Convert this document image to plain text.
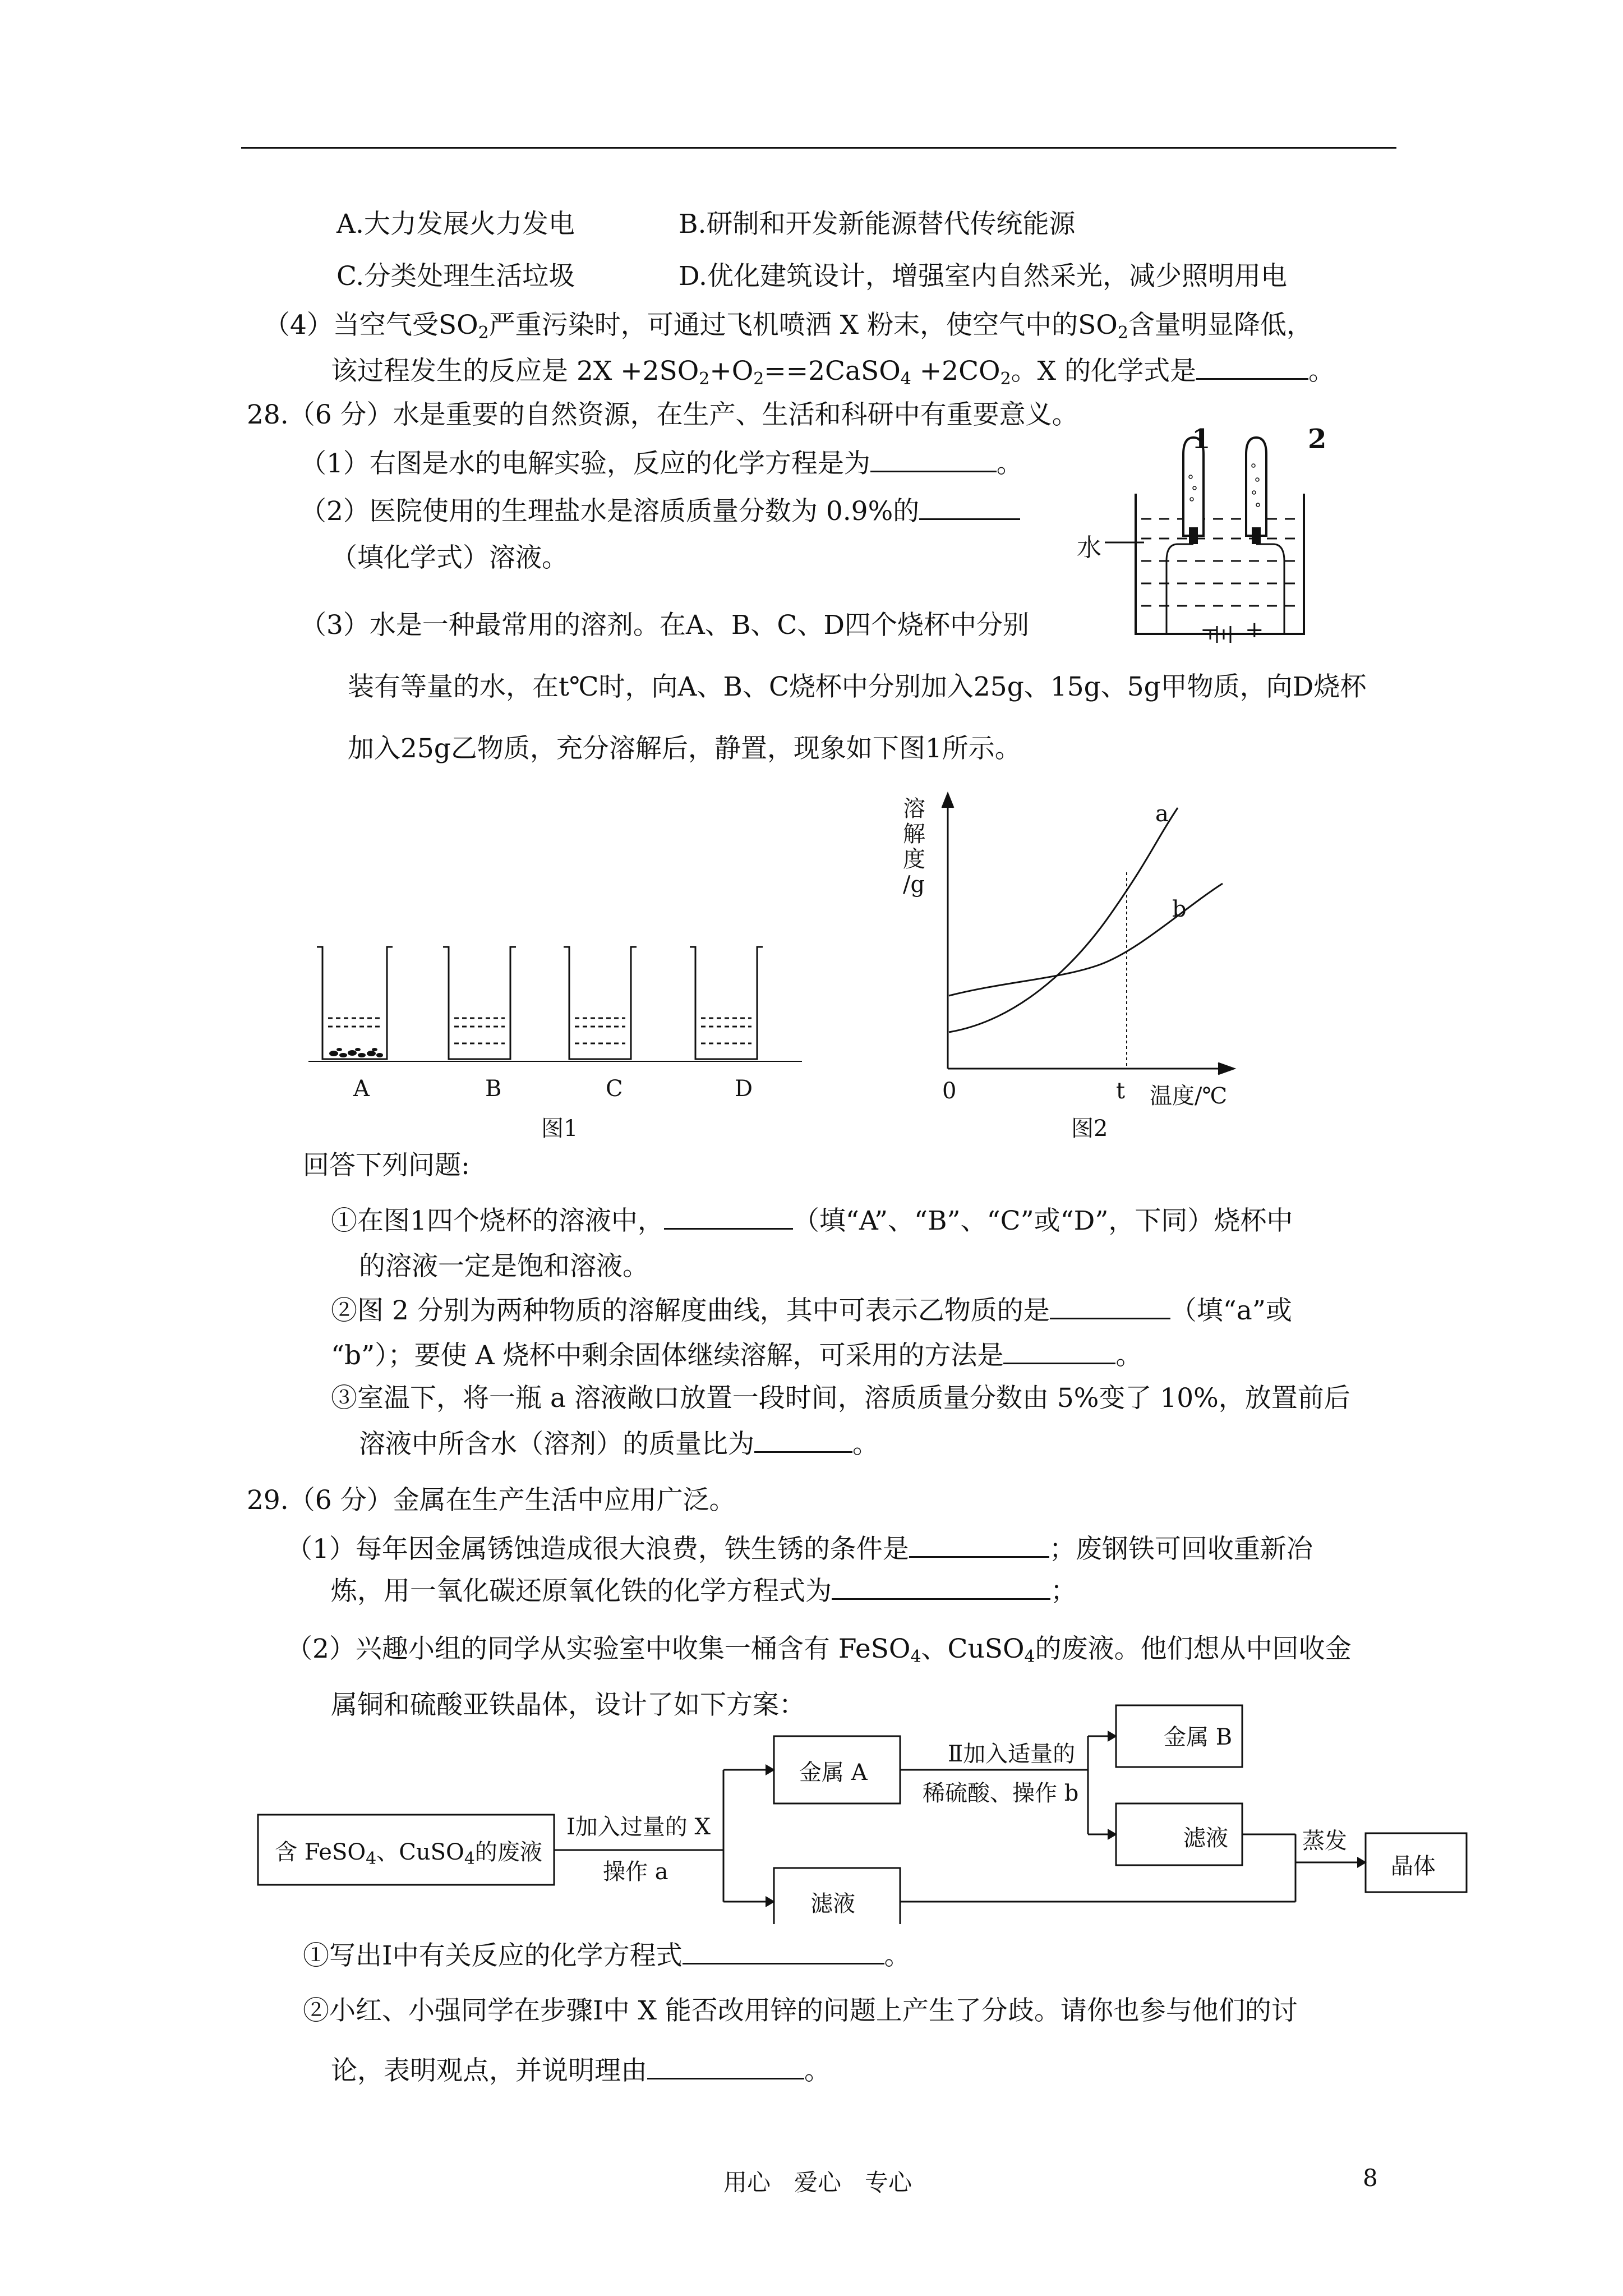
A.大力发展火力发电	B.研制和开发新能源替代传统能源
C.分类处理生活垃圾	D.优化建筑设计，增强室内自然采光，减少照明用电
（4）当空气受$SO_2$严重污染时，可通过飞机喷洒 X 粉末，使空气中的$SO_2$含量明显降低，
该过程发生的反应是 $2X +2SO_2+O_2==2CaSO_4 +2CO_2$。X 的化学式是	。
28.（6 分）水是重要的自然资源，在生产、生活和科研中有重要意义。
（1）右图是水的电解实验，反应的化学方程是为	。
（2）医院使用的生理盐水是溶质质量分数为 0.9%的
（填化学式）溶液。
（3）水是一种最常用的溶剂。在A、B、C、D四个烧杯中分别
装有等量的水，在t℃时，向A、B、C烧杯中分别加入25g、15g、5g甲物质，向D烧杯
加入25g乙物质，充分溶解后，静置，现象如下图1所示。
1	2
水
− +
A	B	C	D
图1
溶
解
度
/g
a
b
0	t 温度/℃
图2
回答下列问题:
①在图1四个烧杯的溶液中，	（填“A”、“B”、“C”或“D”，下同）烧杯中
的溶液一定是饱和溶液。
②图 2 分别为两种物质的溶解度曲线，其中可表示乙物质的是	（填“a”或
“b”）；要使 A 烧杯中剩余固体继续溶解，可采用的方法是	。
③室温下，将一瓶 a 溶液敞口放置一段时间，溶质质量分数由 5%变了 10%，放置前后
溶液中所含水（溶剂）的质量比为	。
29.（6 分）金属在生产生活中应用广泛。
（1）每年因金属锈蚀造成很大浪费，铁生锈的条件是	；废钢铁可回收重新冶
炼，用一氧化碳还原氧化铁的化学方程式为	；
（2）兴趣小组的同学从实验室中收集一桶含有 FeSO$_4$、CuSO$_4$的废液。他们想从中回收金
属铜和硫酸亚铁晶体，设计了如下方案：
含 FeSO$_4$、CuSO$_4$的废液
Ⅰ加入过量的 X
操作 a
金属 A
滤液
Ⅱ加入适量的
稀硫酸、操作 b
金属 B
滤液	蒸发
晶体
①写出Ⅰ中有关反应的化学方程式	。
②小红、小强同学在步骤Ⅰ中 X 能否改用锌的问题上产生了分歧。请你也参与他们的讨
论，表明观点，并说明理由	。
用心　爱心　专心	8
